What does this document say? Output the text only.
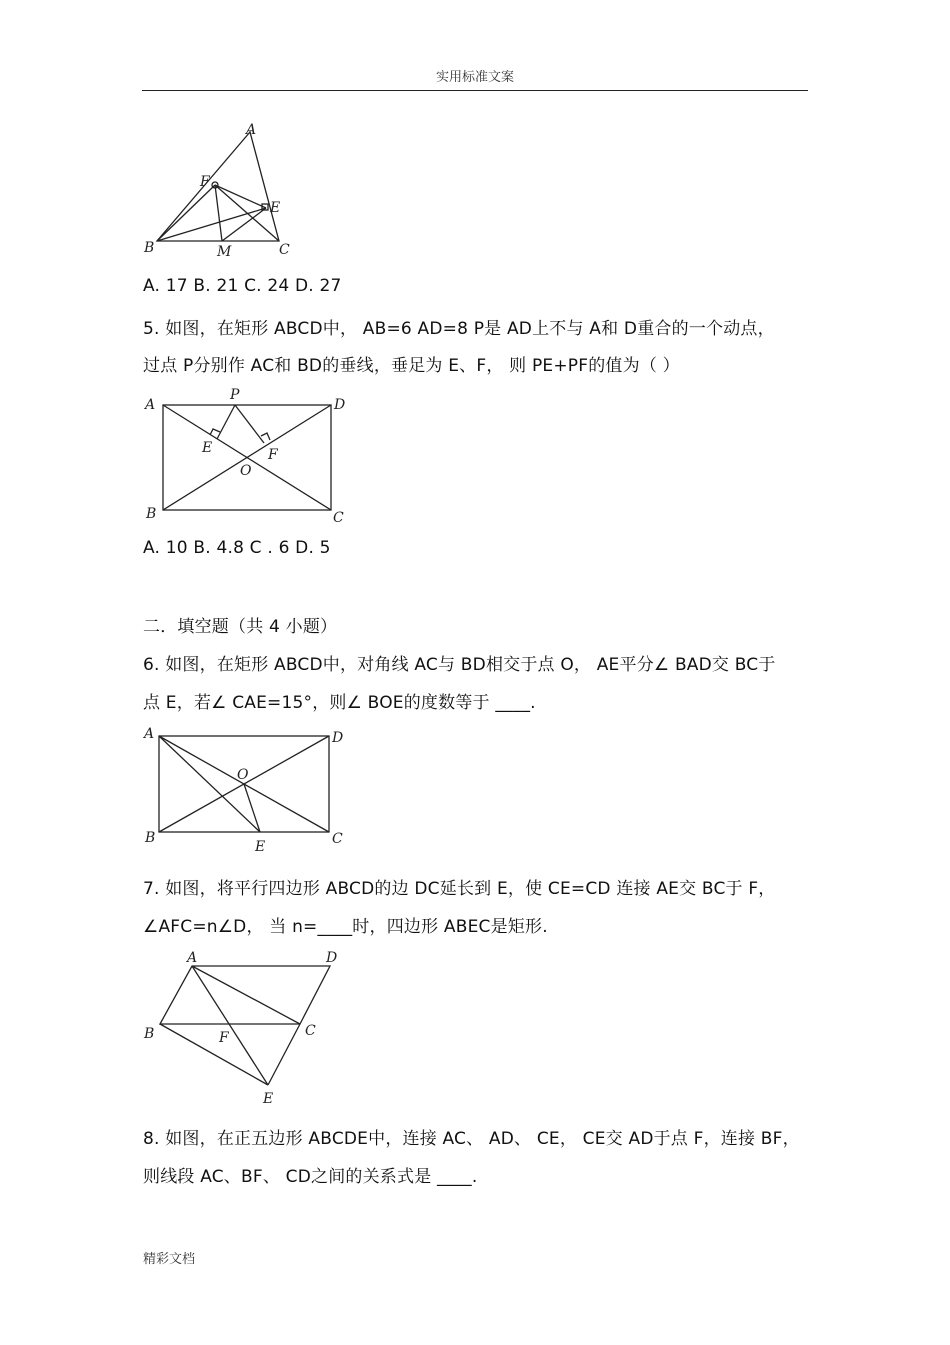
实用标准文案
A
F
E
B	M	C
A. 17 B. 21 C. 24 D. 27
5. 如图，在矩形 ABCD中， AB=6 AD=8 P是 AD上不与 A和 D重合的一个动点，
过点 P分别作 AC和 BD的垂线，垂足为 E、F， 则 PE+PF的值为（ ）
A
P
D
E	F
O
B	C
A. 10 B. 4.8 C . 6 D. 5
二．填空题（共 4 小题）
6. 如图，在矩形 ABCD中，对角线 AC与 BD相交于点 O， AE平分∠ BAD交 BC于
点 E，若∠ CAE=15°，则∠ BOE的度数等于 ____.
A	D
O
B
E	C
7. 如图，将平行四边形 ABCD的边 DC延长到 E，使 CE=CD 连接 AE交 BC于 F，
∠AFC=n∠D， 当 n=____时，四边形 ABEC是矩形.
A	D
B	F	C
E
8. 如图，在正五边形 ABCDE中，连接 AC、 AD、 CE， CE交 AD于点 F，连接 BF，
则线段 AC、BF、 CD之间的关系式是 ____.
精彩文档
